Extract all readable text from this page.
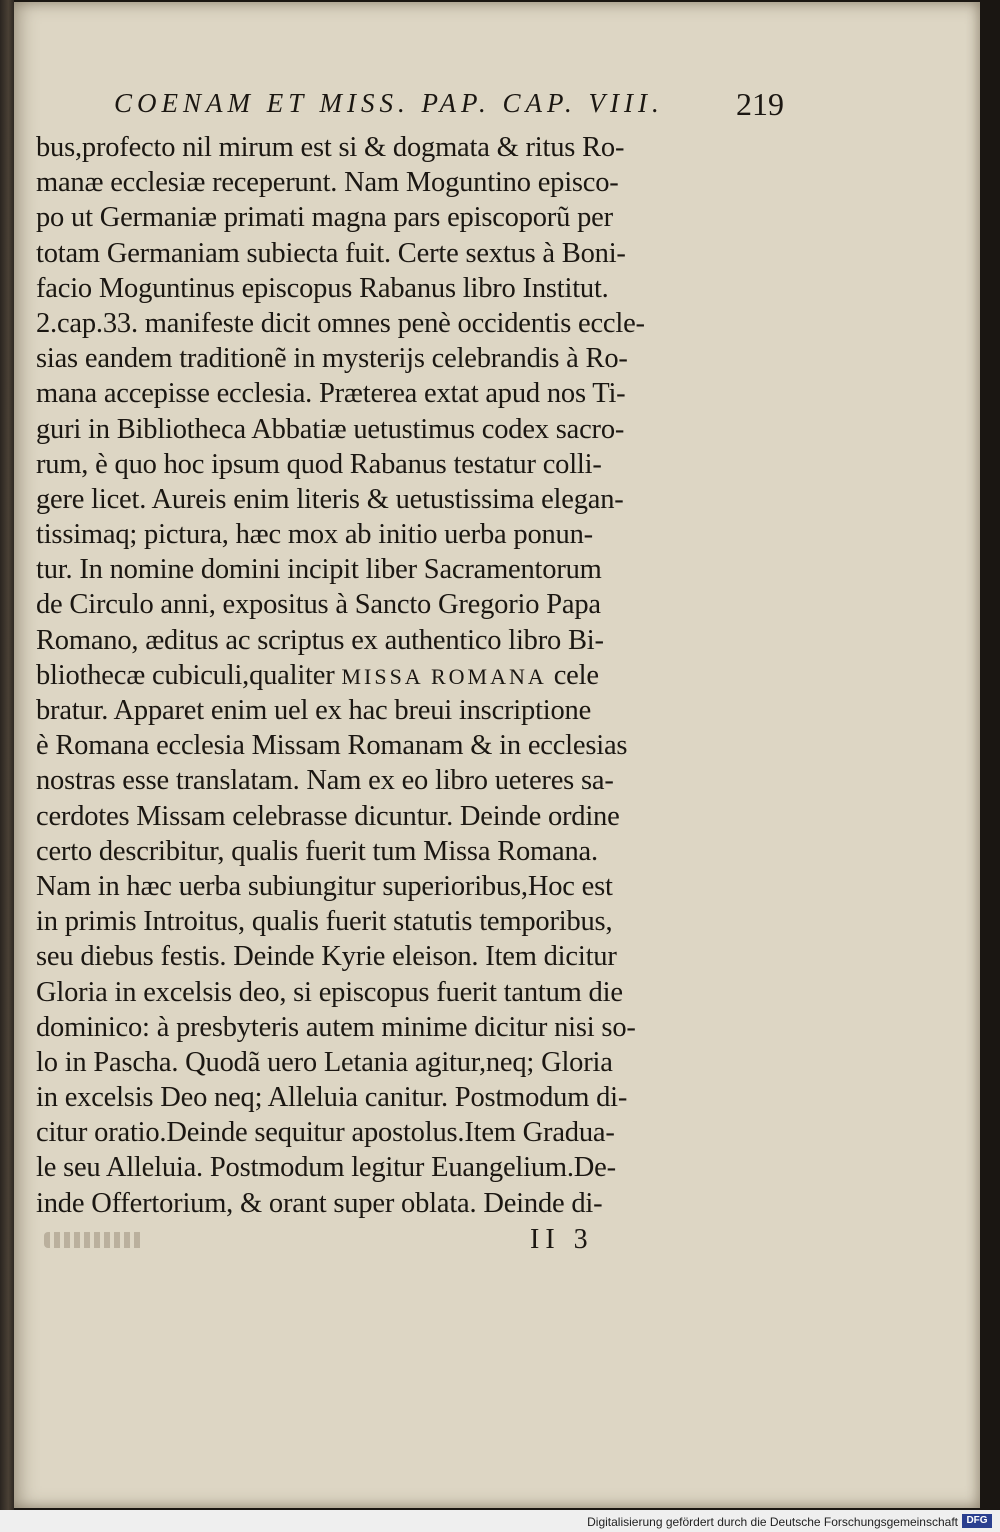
COENAM ET MISS. PAP. CAP. VIII.	219
bus,profecto nil mirum est si & dogmata & ritus Ro-
manæ ecclesiæ receperunt. Nam Moguntino episco-
po ut Germaniæ primati magna pars episcoporũ per
totam Germaniam subiecta fuit. Certe sextus à Boni-
facio Moguntinus episcopus Rabanus libro Institut.
2.cap.33. manifeste dicit omnes penè occidentis eccle-
sias eandem traditionẽ in mysterijs celebrandis à Ro-
mana accepisse ecclesia. Præterea extat apud nos Ti-
guri in Bibliotheca Abbatiæ uetustimus codex sacro-
rum, è quo hoc ipsum quod Rabanus testatur colli-
gere licet. Aureis enim literis & uetustissima elegan-
tissimaq; pictura, hæc mox ab initio uerba ponun-
tur. In nomine domini incipit liber Sacramentorum
de Circulo anni, expositus à Sancto Gregorio Papa
Romano, æditus ac scriptus ex authentico libro Bi-
bliothecæ cubiculi,qualiter MISSA ROMANA cele
bratur. Apparet enim uel ex hac breui inscriptione
è Romana ecclesia Missam Romanam & in ecclesias
nostras esse translatam. Nam ex eo libro ueteres sa-
cerdotes Missam celebrasse dicuntur. Deinde ordine
certo describitur, qualis fuerit tum Missa Romana.
Nam in hæc uerba subiungitur superioribus,Hoc est
in primis Introitus, qualis fuerit statutis temporibus,
seu diebus festis. Deinde Kyrie eleison. Item dicitur
Gloria in excelsis deo, si episcopus fuerit tantum die
dominico: à presbyteris autem minime dicitur nisi so-
lo in Pascha. Quodã uero Letania agitur,neq; Gloria
in excelsis Deo neq; Alleluia canitur. Postmodum di-
citur oratio.Deinde sequitur apostolus.Item Gradua-
le seu Alleluia. Postmodum legitur Euangelium.De-
inde Offertorium, & orant super oblata. Deinde di-
II 3
Digitalisierung gefördert durch die Deutsche Forschungsgemeinschaft DFG
